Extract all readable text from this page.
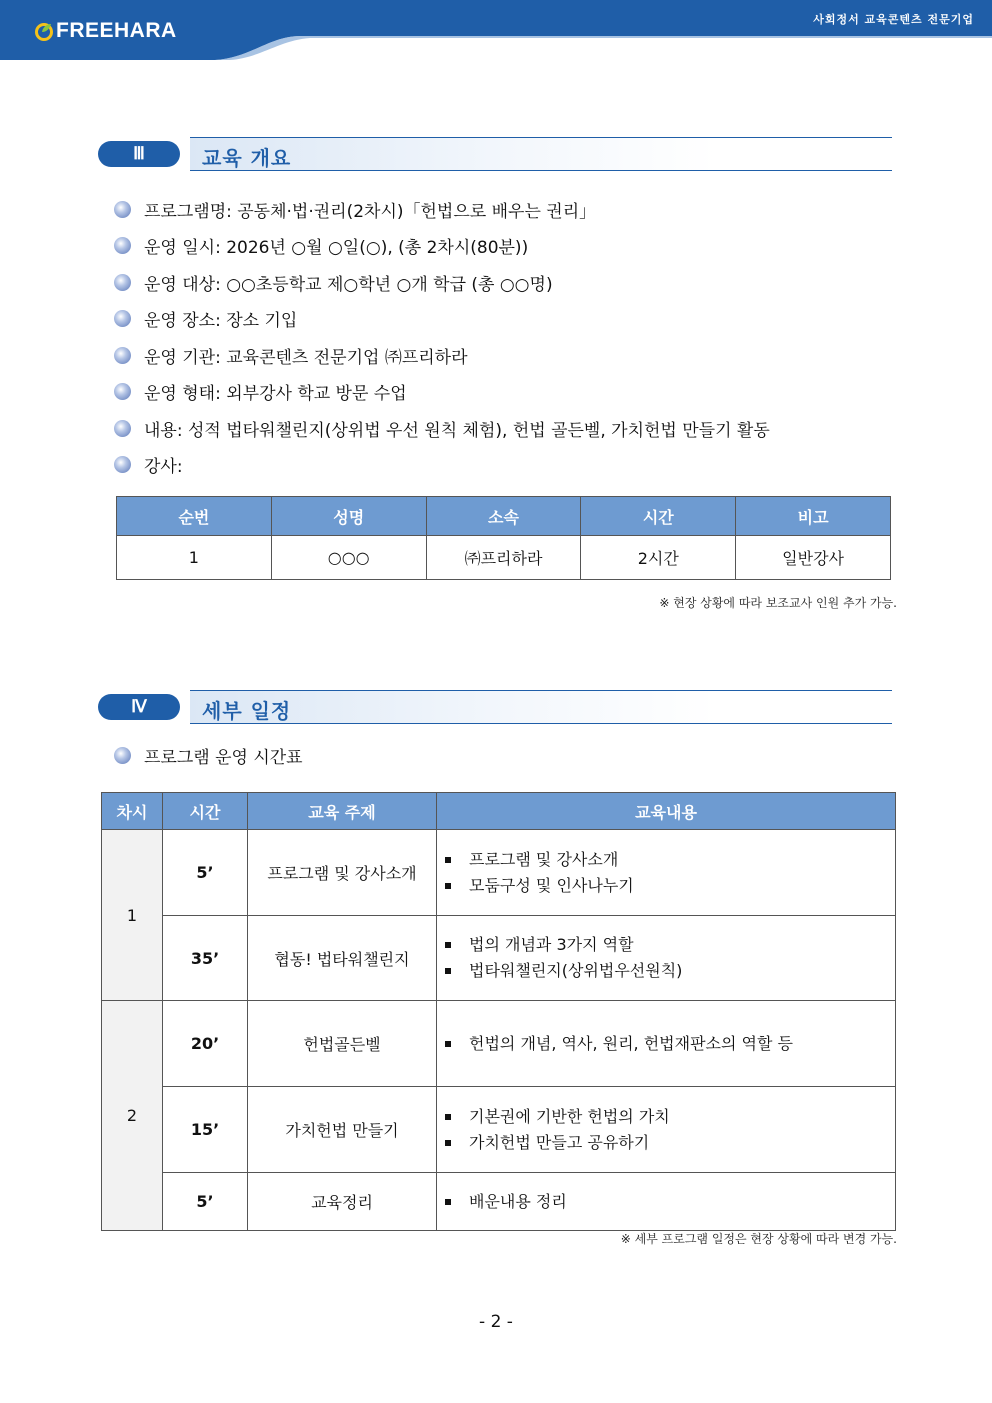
FREEHARA	사회정서 교육콘텐츠 전문기업
Ⅲ	교육 개요
프로그램명: 공동체·법·권리(2차시)「헌법으로 배우는 권리」
운영 일시: 2026년 ○월 ○일(○), (총 2차시(80분))
운영 대상: ○○초등학교 제○학년 ○개 학급 (총 ○○명)
운영 장소: 장소 기입
운영 기관: 교육콘텐츠 전문기업 ㈜프리하라
운영 형태: 외부강사 학교 방문 수업
내용: 성적 법타워챌린지(상위법 우선 원칙 체험), 헌법 골든벨, 가치헌법 만들기 활동
강사:
순번	성명	소속	시간	비고
1	○○○	㈜프리하라	2시간	일반강사
※ 현장 상황에 따라 보조교사 인원 추가 가능.
Ⅳ	세부 일정
프로그램 운영 시간표
차시	시간	교육 주제	교육내용
1	5’	프로그램 및 강사소개	프로그램 및 강사소개
모둠구성 및 인사나누기

	35’	협동! 법타워챌린지	법의 개념과 3가지 역할
법타워챌린지(상위법우선원칙)

2	20’	헌법골든벨	헌법의 개념, 역사, 원리, 헌법재판소의 역할 등

	15’	가치헌법 만들기	기본권에 기반한 헌법의 가치
가치헌법 만들고 공유하기

	5’	교육정리	배운내용 정리
※ 세부 프로그램 일정은 현장 상황에 따라 변경 가능.
- 2 -
